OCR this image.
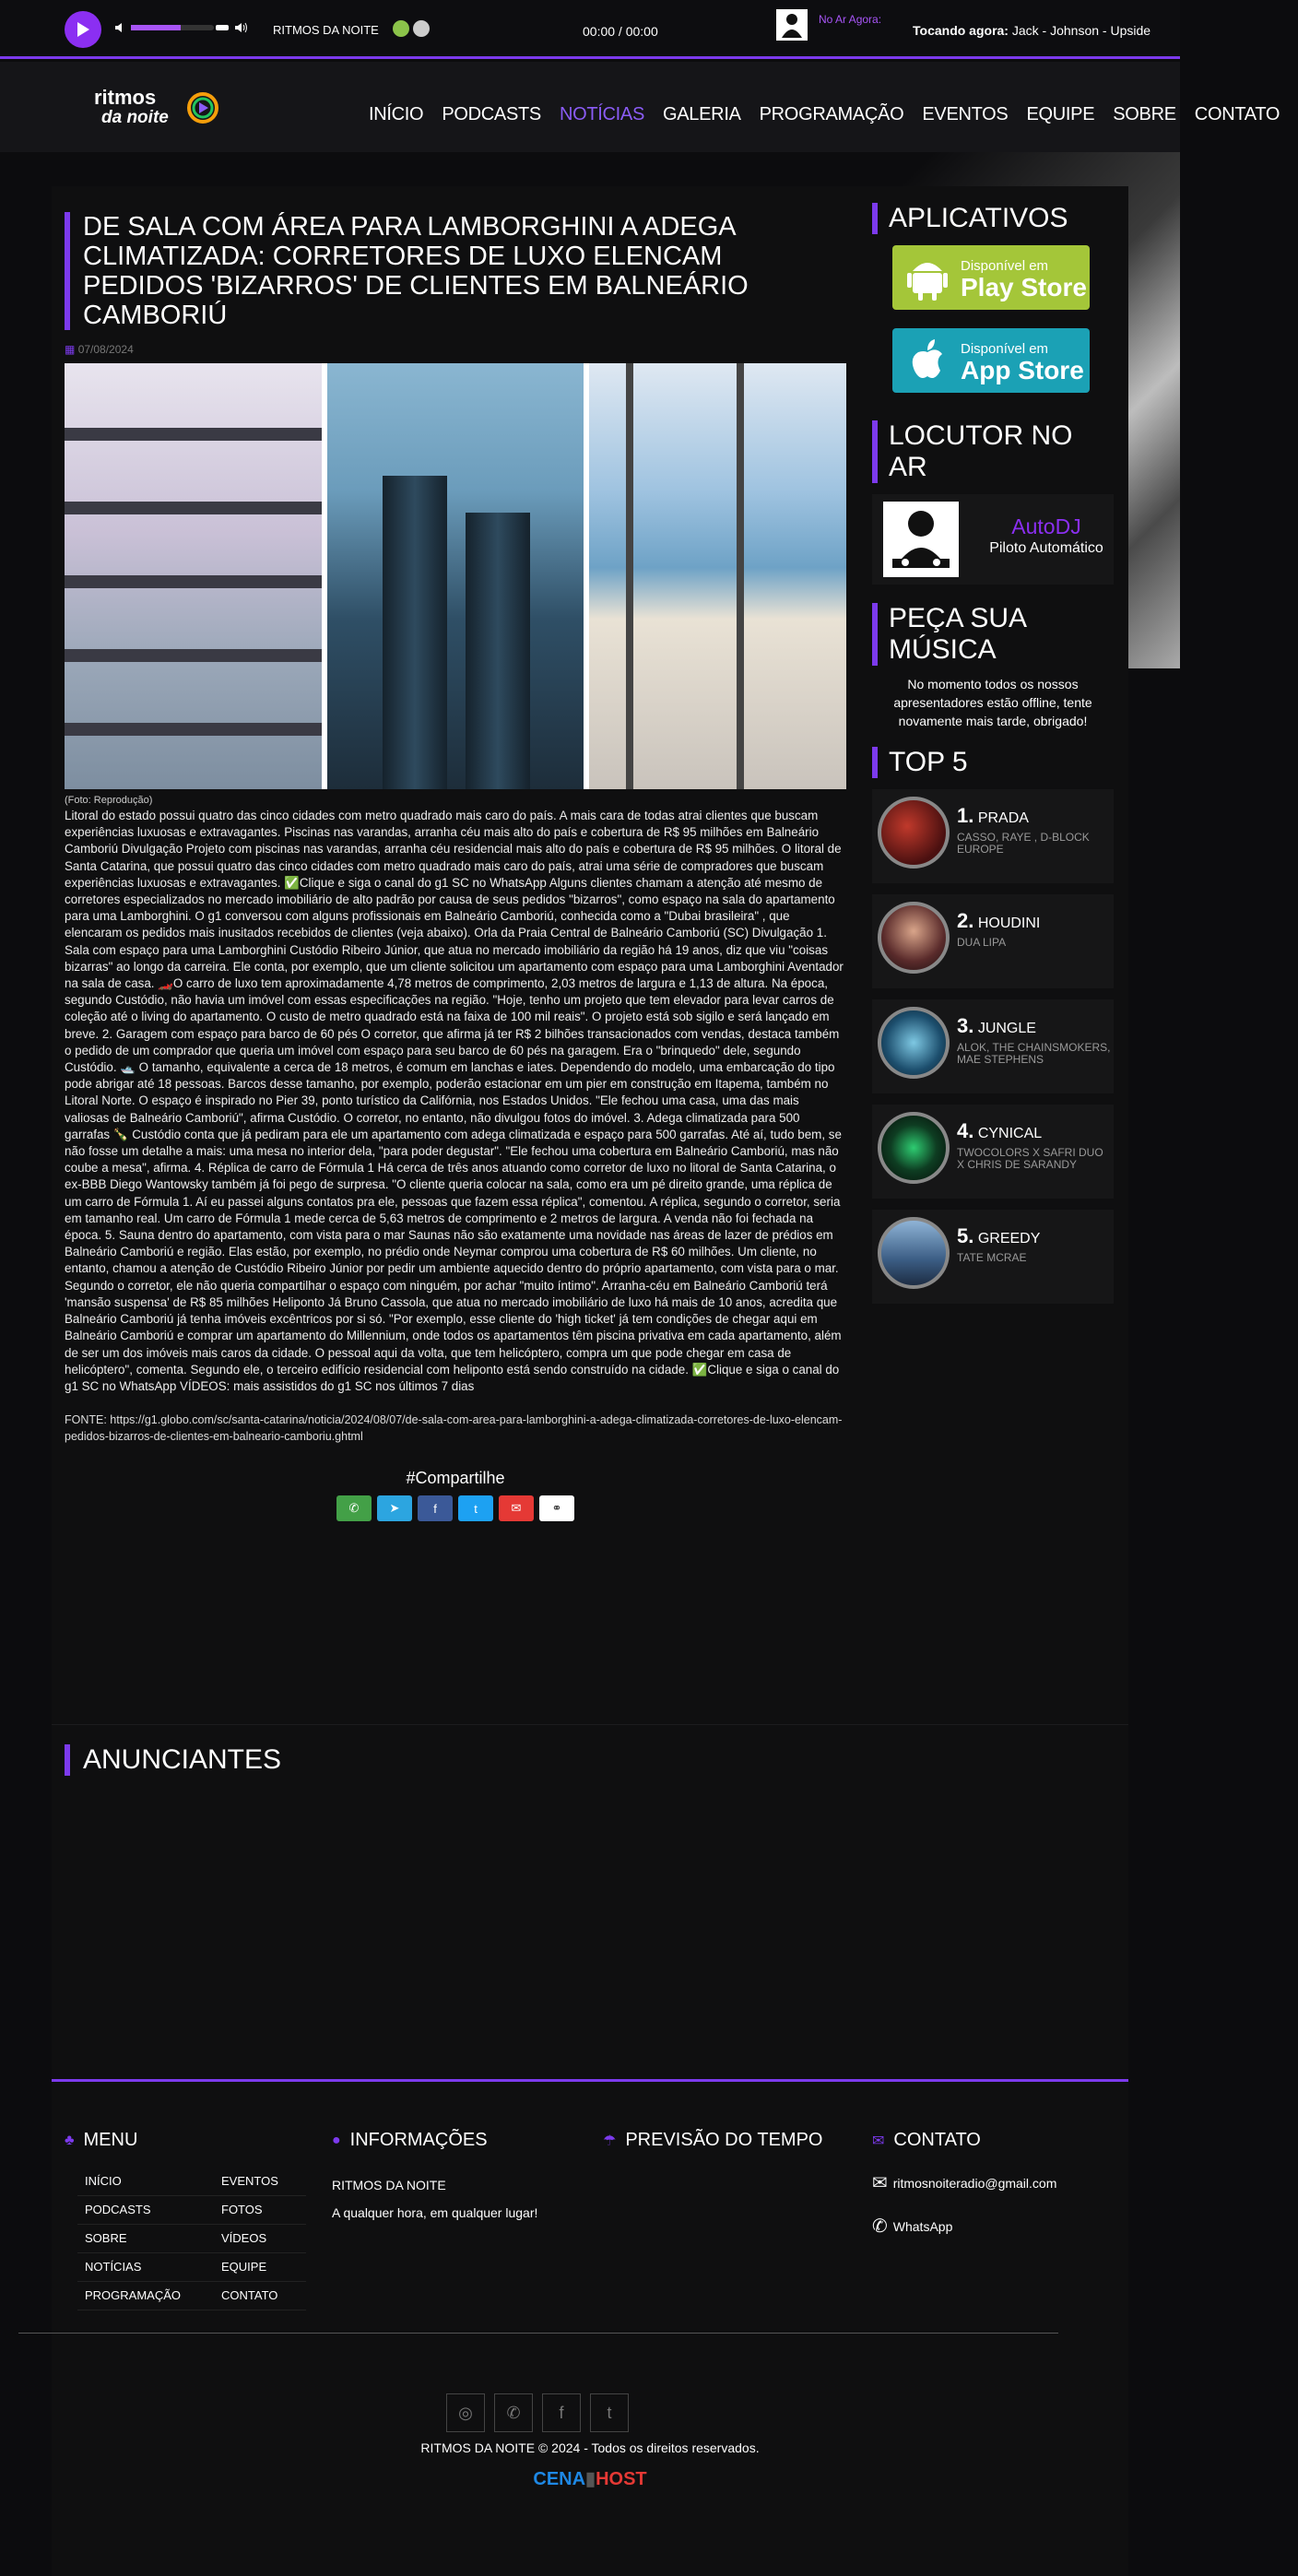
RITMOS DA NOITE	00:00 / 00:00
No Ar Agora:
Tocando agora: Jack - Johnson - Upside
ritmos
da noite	INÍCIO PODCASTS NOTÍCIAS GALERIA PROGRAMAÇÃO EVENTOS EQUIPE SOBRE CONTATO
DE SALA COM ÁREA PARA LAMBORGHINI A ADEGA CLIMATIZADA: CORRETORES DE LUXO ELENCAM PEDIDOS 'BIZARROS' DE CLIENTES EM BALNEÁRIO CAMBORIÚ
▦ 07/08/2024
(Foto: Reprodução)
Litoral do estado possui quatro das cinco cidades com metro quadrado mais caro do país. A mais cara de todas atrai clientes que buscam experiências luxuosas e extravagantes. Piscinas nas varandas, arranha céu mais alto do país e cobertura de R$ 95 milhões em Balneário Camboriú Divulgação Projeto com piscinas nas varandas, arranha céu residencial mais alto do país e cobertura de R$ 95 milhões. O litoral de Santa Catarina, que possui quatro das cinco cidades com metro quadrado mais caro do país, atrai uma série de compradores que buscam experiências luxuosas e extravagantes. ✅Clique e siga o canal do g1 SC no WhatsApp Alguns clientes chamam a atenção até mesmo de corretores especializados no mercado imobiliário de alto padrão por causa de seus pedidos "bizarros", como espaço na sala do apartamento para uma Lamborghini. O g1 conversou com alguns profissionais em Balneário Camboriú, conhecida como a "Dubai brasileira" , que elencaram os pedidos mais inusitados recebidos de clientes (veja abaixo). Orla da Praia Central de Balneário Camboriú (SC) Divulgação 1. Sala com espaço para uma Lamborghini Custódio Ribeiro Júnior, que atua no mercado imobiliário da região há 19 anos, diz que viu "coisas bizarras" ao longo da carreira. Ele conta, por exemplo, que um cliente solicitou um apartamento com espaço para uma Lamborghini Aventador na sala de casa. 🏎️O carro de luxo tem aproximadamente 4,78 metros de comprimento, 2,03 metros de largura e 1,13 de altura. Na época, segundo Custódio, não havia um imóvel com essas especificações na região. "Hoje, tenho um projeto que tem elevador para levar carros de coleção até o living do apartamento. O custo de metro quadrado está na faixa de 100 mil reais". O projeto está sob sigilo e será lançado em breve. 2. Garagem com espaço para barco de 60 pés O corretor, que afirma já ter R$ 2 bilhões transacionados com vendas, destaca também o pedido de um comprador que queria um imóvel com espaço para seu barco de 60 pés na garagem. Era o "brinquedo" dele, segundo Custódio. 🛥️ O tamanho, equivalente a cerca de 18 metros, é comum em lanchas e iates. Dependendo do modelo, uma embarcação do tipo pode abrigar até 18 pessoas. Barcos desse tamanho, por exemplo, poderão estacionar em um pier em construção em Itapema, também no Litoral Norte. O espaço é inspirado no Pier 39, ponto turístico da Califórnia, nos Estados Unidos. "Ele fechou uma casa, uma das mais valiosas de Balneário Camboriú", afirma Custódio. O corretor, no entanto, não divulgou fotos do imóvel. 3. Adega climatizada para 500 garrafas 🍾 Custódio conta que já pediram para ele um apartamento com adega climatizada e espaço para 500 garrafas. Até aí, tudo bem, se não fosse um detalhe a mais: uma mesa no interior dela, "para poder degustar". "Ele fechou uma cobertura em Balneário Camboriú, mas não coube a mesa", afirma. 4. Réplica de carro de Fórmula 1 Há cerca de três anos atuando como corretor de luxo no litoral de Santa Catarina, o ex-BBB Diego Wantowsky também já foi pego de surpresa. "O cliente queria colocar na sala, como era um pé direito grande, uma réplica de um carro de Fórmula 1. Aí eu passei alguns contatos pra ele, pessoas que fazem essa réplica", comentou. A réplica, segundo o corretor, seria em tamanho real. Um carro de Fórmula 1 mede cerca de 5,63 metros de comprimento e 2 metros de largura. A venda não foi fechada na época. 5. Sauna dentro do apartamento, com vista para o mar Saunas não são exatamente uma novidade nas áreas de lazer de prédios em Balneário Camboriú e região. Elas estão, por exemplo, no prédio onde Neymar comprou uma cobertura de R$ 60 milhões. Um cliente, no entanto, chamou a atenção de Custódio Ribeiro Júnior por pedir um ambiente aquecido dentro do próprio apartamento, com vista para o mar. Segundo o corretor, ele não queria compartilhar o espaço com ninguém, por achar "muito íntimo". Arranha-céu em Balneário Camboriú terá 'mansão suspensa' de R$ 85 milhões Heliponto Já Bruno Cassola, que atua no mercado imobiliário de luxo há mais de 10 anos, acredita que Balneário Camboriú já tenha imóveis excêntricos por si só. "Por exemplo, esse cliente do 'high ticket' já tem condições de chegar aqui em Balneário Camboriú e comprar um apartamento do Millennium, onde todos os apartamentos têm piscina privativa em cada apartamento, além de ser um dos imóveis mais caros da cidade. O pessoal aqui da volta, que tem helicóptero, compra um que pode chegar em casa de helicóptero", comenta. Segundo ele, o terceiro edifício residencial com heliponto está sendo construído na cidade. ✅Clique e siga o canal do g1 SC no WhatsApp VÍDEOS: mais assistidos do g1 SC nos últimos 7 dias
FONTE: https://g1.globo.com/sc/santa-catarina/noticia/2024/08/07/de-sala-com-area-para-lamborghini-a-adega-climatizada-corretores-de-luxo-elencam-pedidos-bizarros-de-clientes-em-balneario-camboriu.ghtml
#Compartilhe
✆	➤	f	t	✉	⚭
APLICATIVOS
Disponível em
Play Store
Disponível em
App Store
LOCUTOR NO AR
AutoDJ
Piloto Automático
PEÇA SUA MÚSICA
No momento todos os nossos apresentadores estão offline, tente novamente mais tarde, obrigado!
TOP 5
1. PRADA
CASSO, RAYE , D-BLOCK EUROPE
2. HOUDINI
DUA LIPA
3. JUNGLE
ALOK, THE CHAINSMOKERS, MAE STEPHENS
4. CYNICAL
TWOCOLORS X SAFRI DUO X CHRIS DE SARANDY
5. GREEDY
TATE MCRAE
ANUNCIANTES
♣ MENU
INÍCIO	EVENTOS
PODCASTS	FOTOS
SOBRE	VÍDEOS
NOTÍCIAS	EQUIPE
PROGRAMAÇÃO	CONTATO
● INFORMAÇÕES
RITMOS DA NOITE
A qualquer hora, em qualquer lugar!
☂ PREVISÃO DO TEMPO	✉ CONTATO
✉ ritmosnoiteradio@gmail.com
✆ WhatsApp
◎	✆	f	t
RITMOS DA NOITE © 2024 - Todos os direitos reservados.
CENA▮HOST
